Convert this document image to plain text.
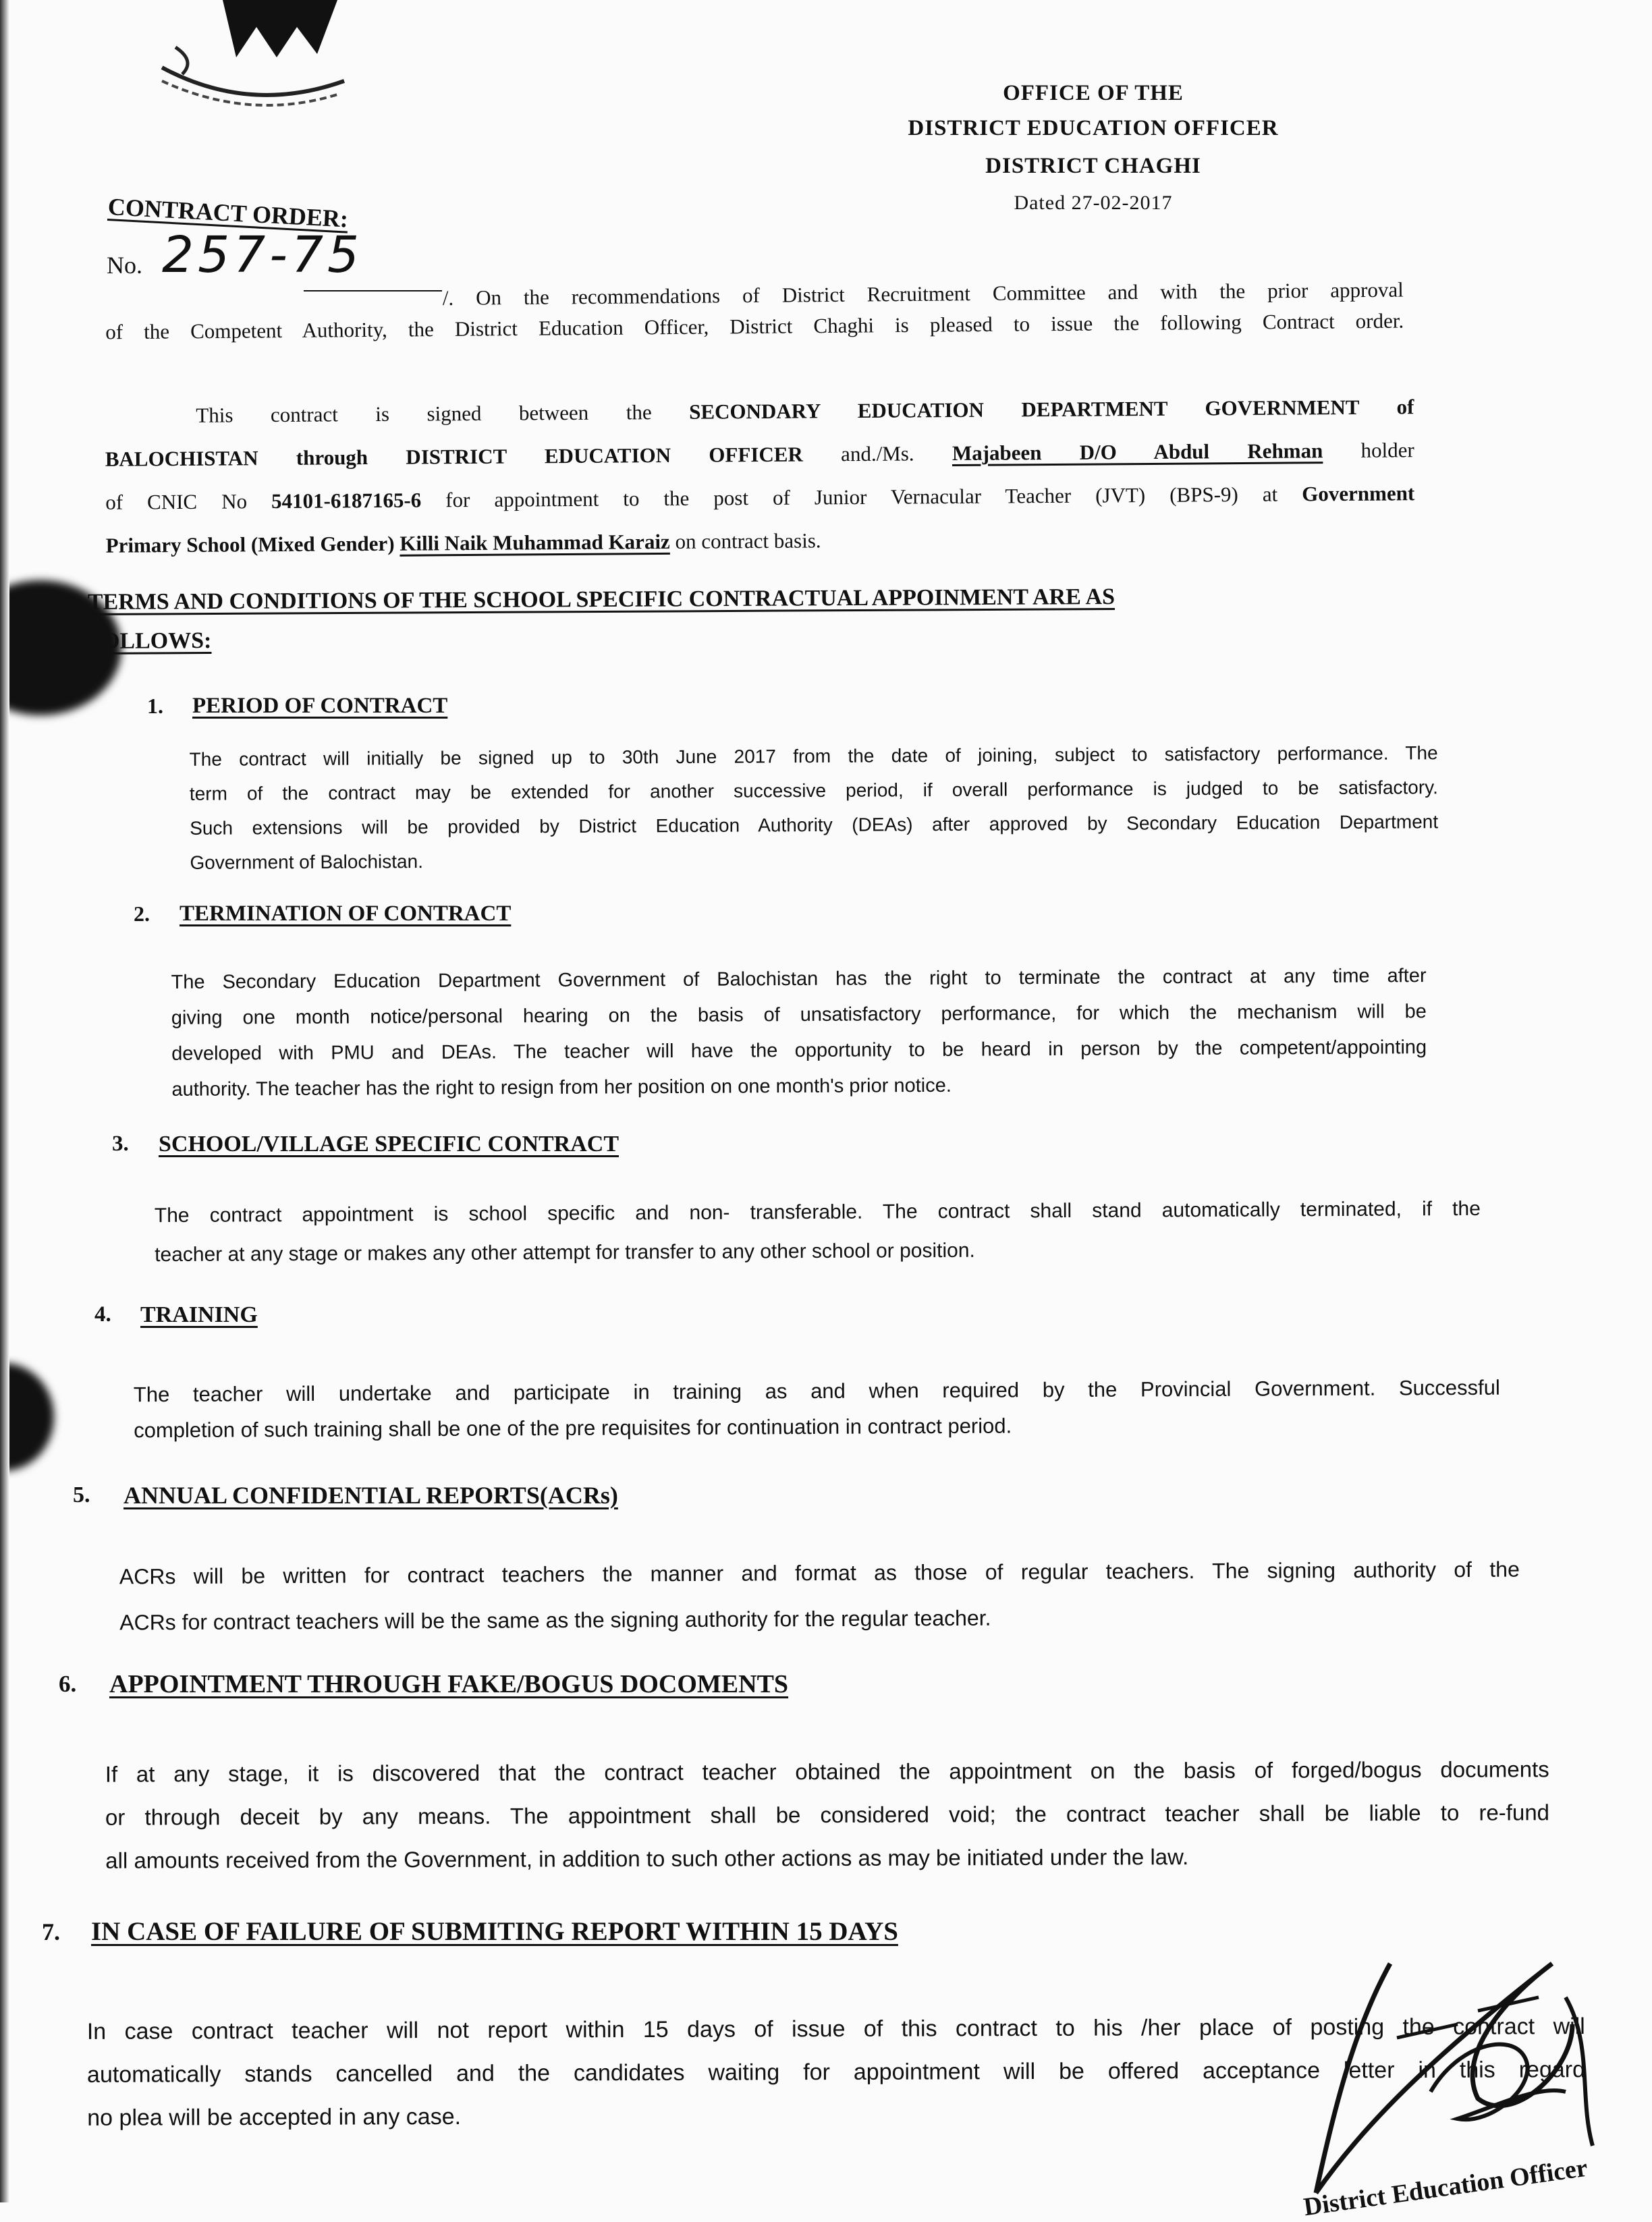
OFFICE OF THE
DISTRICT EDUCATION OFFICER
DISTRICT CHAGHI
Dated 27-02-2017
CONTRACT ORDER:
No. 257-75
/. On the recommendations of District Recruitment Committee and with the prior approval
of the Competent Authority, the District Education Officer, District Chaghi is pleased to issue the following Contract order.
This contract is signed between the SECONDARY EDUCATION DEPARTMENT GOVERNMENT of
BALOCHISTAN through DISTRICT EDUCATION OFFICER and./Ms. Majabeen D/O Abdul Rehman holder
of CNIC No 54101-6187165-6 for appointment to the post of Junior Vernacular Teacher (JVT) (BPS-9) at Government
Primary School (Mixed Gender) Killi Naik Muhammad Karaiz on contract basis.
TERMS AND CONDITIONS OF THE SCHOOL SPECIFIC CONTRACTUAL APPOINMENT ARE AS
FOLLOWS:
1. PERIOD OF CONTRACT
The contract will initially be signed up to 30th June 2017 from the date of joining, subject to satisfactory performance. The
term of the contract may be extended for another successive period, if overall performance is judged to be satisfactory.
Such extensions will be provided by District Education Authority (DEAs) after approved by Secondary Education Department
Government of Balochistan.
2. TERMINATION OF CONTRACT
The Secondary Education Department Government of Balochistan has the right to terminate the contract at any time after
giving one month notice/personal hearing on the basis of unsatisfactory performance, for which the mechanism will be
developed with PMU and DEAs. The teacher will have the opportunity to be heard in person by the competent/appointing
authority. The teacher has the right to resign from her position on one month's prior notice.
3. SCHOOL/VILLAGE SPECIFIC CONTRACT
The contract appointment is school specific and non- transferable. The contract shall stand automatically terminated, if the
teacher at any stage or makes any other attempt for transfer to any other school or position.
4. TRAINING
The teacher will undertake and participate in training as and when required by the Provincial Government. Successful
completion of such training shall be one of the pre requisites for continuation in contract period.
5. ANNUAL CONFIDENTIAL REPORTS(ACRs)
ACRs will be written for contract teachers the manner and format as those of regular teachers. The signing authority of the
ACRs for contract teachers will be the same as the signing authority for the regular teacher.
6. APPOINTMENT THROUGH FAKE/BOGUS DOCOMENTS
If at any stage, it is discovered that the contract teacher obtained the appointment on the basis of forged/bogus documents
or through deceit by any means. The appointment shall be considered void; the contract teacher shall be liable to re-fund
all amounts received from the Government, in addition to such other actions as may be initiated under the law.
7. IN CASE OF FAILURE OF SUBMITING REPORT WITHIN 15 DAYS
In case contract teacher will not report within 15 days of issue of this contract to his /her place of posting the contract will
automatically stands cancelled and the candidates waiting for appointment will be offered acceptance letter in this regard
no plea will be accepted in any case.
District Education Officer
